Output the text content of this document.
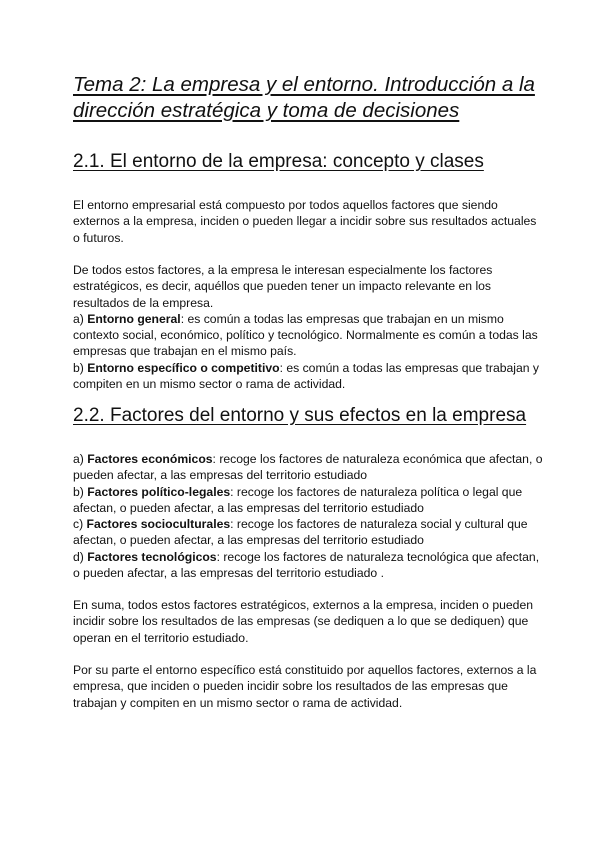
Tema 2: La empresa y el entorno. Introducción a la dirección estratégica y toma de decisiones
2.1. El entorno de la empresa: concepto y clases

El entorno empresarial está compuesto por todos aquellos factores que siendo externos a la empresa, inciden o pueden llegar a incidir sobre sus resultados actuales o futuros.

De todos estos factores, a la empresa le interesan especialmente los factores estratégicos, es decir, aquéllos que pueden tener un impacto relevante en los resultados de la empresa.
a) Entorno general: es común a todas las empresas que trabajan en un mismo contexto social, económico, político y tecnológico. Normalmente es común a todas las empresas que trabajan en el mismo país.
b) Entorno específico o competitivo: es común a todas las empresas que trabajan y compiten en un mismo sector o rama de actividad.
2.2. Factores del entorno y sus efectos en la empresa
a) Factores económicos: recoge los factores de naturaleza económica que afectan, o pueden afectar, a las empresas del territorio estudiado
b) Factores político-legales: recoge los factores de naturaleza política o legal que afectan, o pueden afectar, a las empresas del territorio estudiado
c) Factores socioculturales: recoge los factores de naturaleza social y cultural que afectan, o pueden afectar, a las empresas del territorio estudiado
d) Factores tecnológicos: recoge los factores de naturaleza tecnológica que afectan, o pueden afectar, a las empresas del territorio estudiado .

En suma, todos estos factores estratégicos, externos a la empresa, inciden o pueden incidir sobre los resultados de las empresas (se dediquen a lo que se dediquen) que operan en el territorio estudiado.

Por su parte el entorno específico está constituido por aquellos factores, externos a la empresa, que inciden o pueden incidir sobre los resultados de las empresas que trabajan y compiten en un mismo sector o rama de actividad.
